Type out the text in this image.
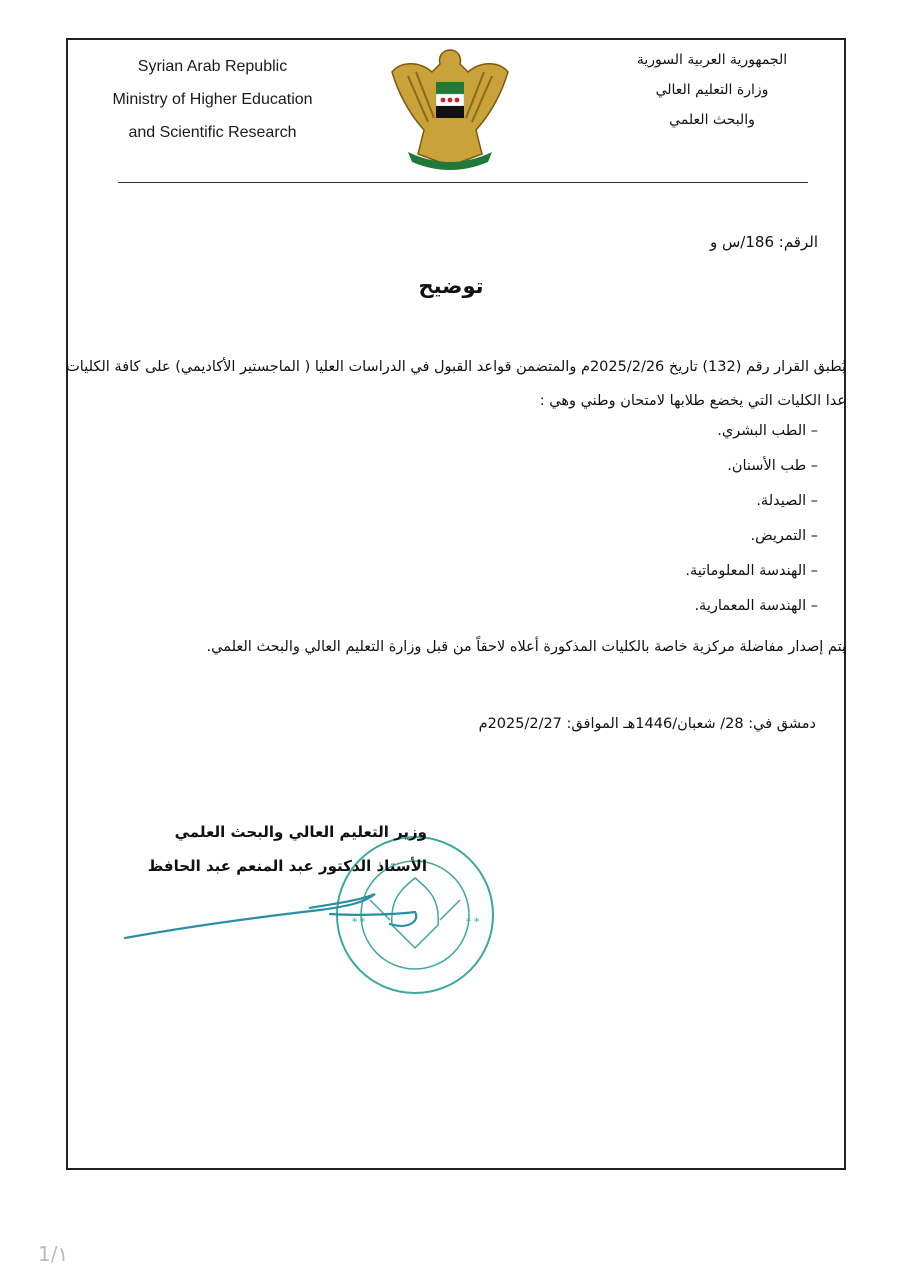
Syrian Arab Republic
Ministry of Higher Education
and Scientific Research
الجمهورية العربية السورية
وزارة التعليم العالي
والبحث العلمي
الرقم: 186/س و
توضيح
يُطبق القرار رقم (132) تاريخ 2025/2/26م والمتضمن قواعد القبول في الدراسات العليا ( الماجستير الأكاديمي) على كافة الكليات عدا الكليات التي يخضع طلابها لامتحان وطني وهي :
– الطب البشري.
– طب الأسنان.
– الصيدلة.
– التمريض.
– الهندسة المعلوماتية.
– الهندسة المعمارية.
يتم إصدار مفاضلة مركزية خاصة بالكليات المذكورة أعلاه لاحقاً من قبل وزارة التعليم العالي والبحث العلمي.
دمشق في: 28/ شعبان/1446هـ الموافق: 2025/2/27م
* *	* *
وزير التعليم العالي والبحث العلمي
الأستاذ الدكتور عبد المنعم عبد الحافظ
1/١
